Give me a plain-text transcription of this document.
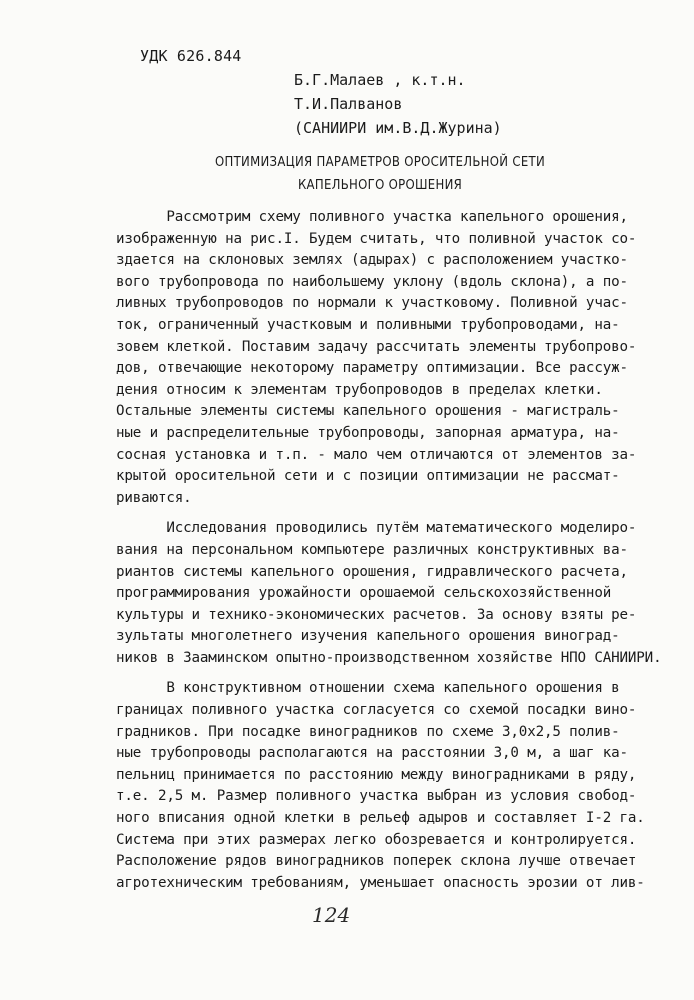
УДК 626.844
Б.Г.Малаев , к.т.н.
Т.И.Палванов
(САНИИРИ им.В.Д.Журина)
ОПТИМИЗАЦИЯ ПАРАМЕТРОВ ОРОСИТЕЛЬНОЙ СЕТИ
КАПЕЛЬНОГО ОРОШЕНИЯ
Рассмотрим схему поливного участка капельного орошения,
изображенную на рис.I. Будем считать, что поливной участок со-
здается на склоновых землях (адырах) с расположением участко-
вого трубопровода по наибольшему уклону (вдоль склона), а по-
ливных трубопроводов по нормали к участковому. Поливной учас-
ток, ограниченный участковым и поливными трубопроводами, на-
зовем клеткой. Поставим задачу рассчитать элементы трубопрово-
дов, отвечающие некоторому параметру оптимизации. Все рассуж-
дения относим к элементам трубопроводов в пределах клетки.
Остальные элементы системы капельного орошения - магистраль-
ные и распределительные трубопроводы, запорная арматура, на-
сосная установка и т.п. - мало чем отличаются от элементов за-
крытой оросительной сети и с позиции оптимизации не рассмат-
риваются.
Исследования проводились путём математического моделиро-
вания на персональном компьютере различных конструктивных ва-
риантов системы капельного орошения, гидравлического расчета,
программирования урожайности орошаемой сельскохозяйственной
культуры и технико-экономических расчетов. За основу взяты ре-
зультаты многолетнего изучения капельного орошения виноград-
ников в Зааминском опытно-производственном хозяйстве НПО САНИИРИ.
В конструктивном отношении схема капельного орошения в
границах поливного участка согласуется со схемой посадки вино-
градников. При посадке виноградников по схеме 3,0х2,5 полив-
ные трубопроводы располагаются на расстоянии 3,0 м, а шаг ка-
пельниц принимается по расстоянию между виноградниками в ряду,
т.е. 2,5 м. Размер поливного участка выбран из условия свобод-
ного вписания одной клетки в рельеф адыров и составляет I-2 га.
Система при этих размерах легко обозревается и контролируется.
Расположение рядов виноградников поперек склона лучше отвечает
агротехническим требованиям, уменьшает опасность эрозии от лив-
124
